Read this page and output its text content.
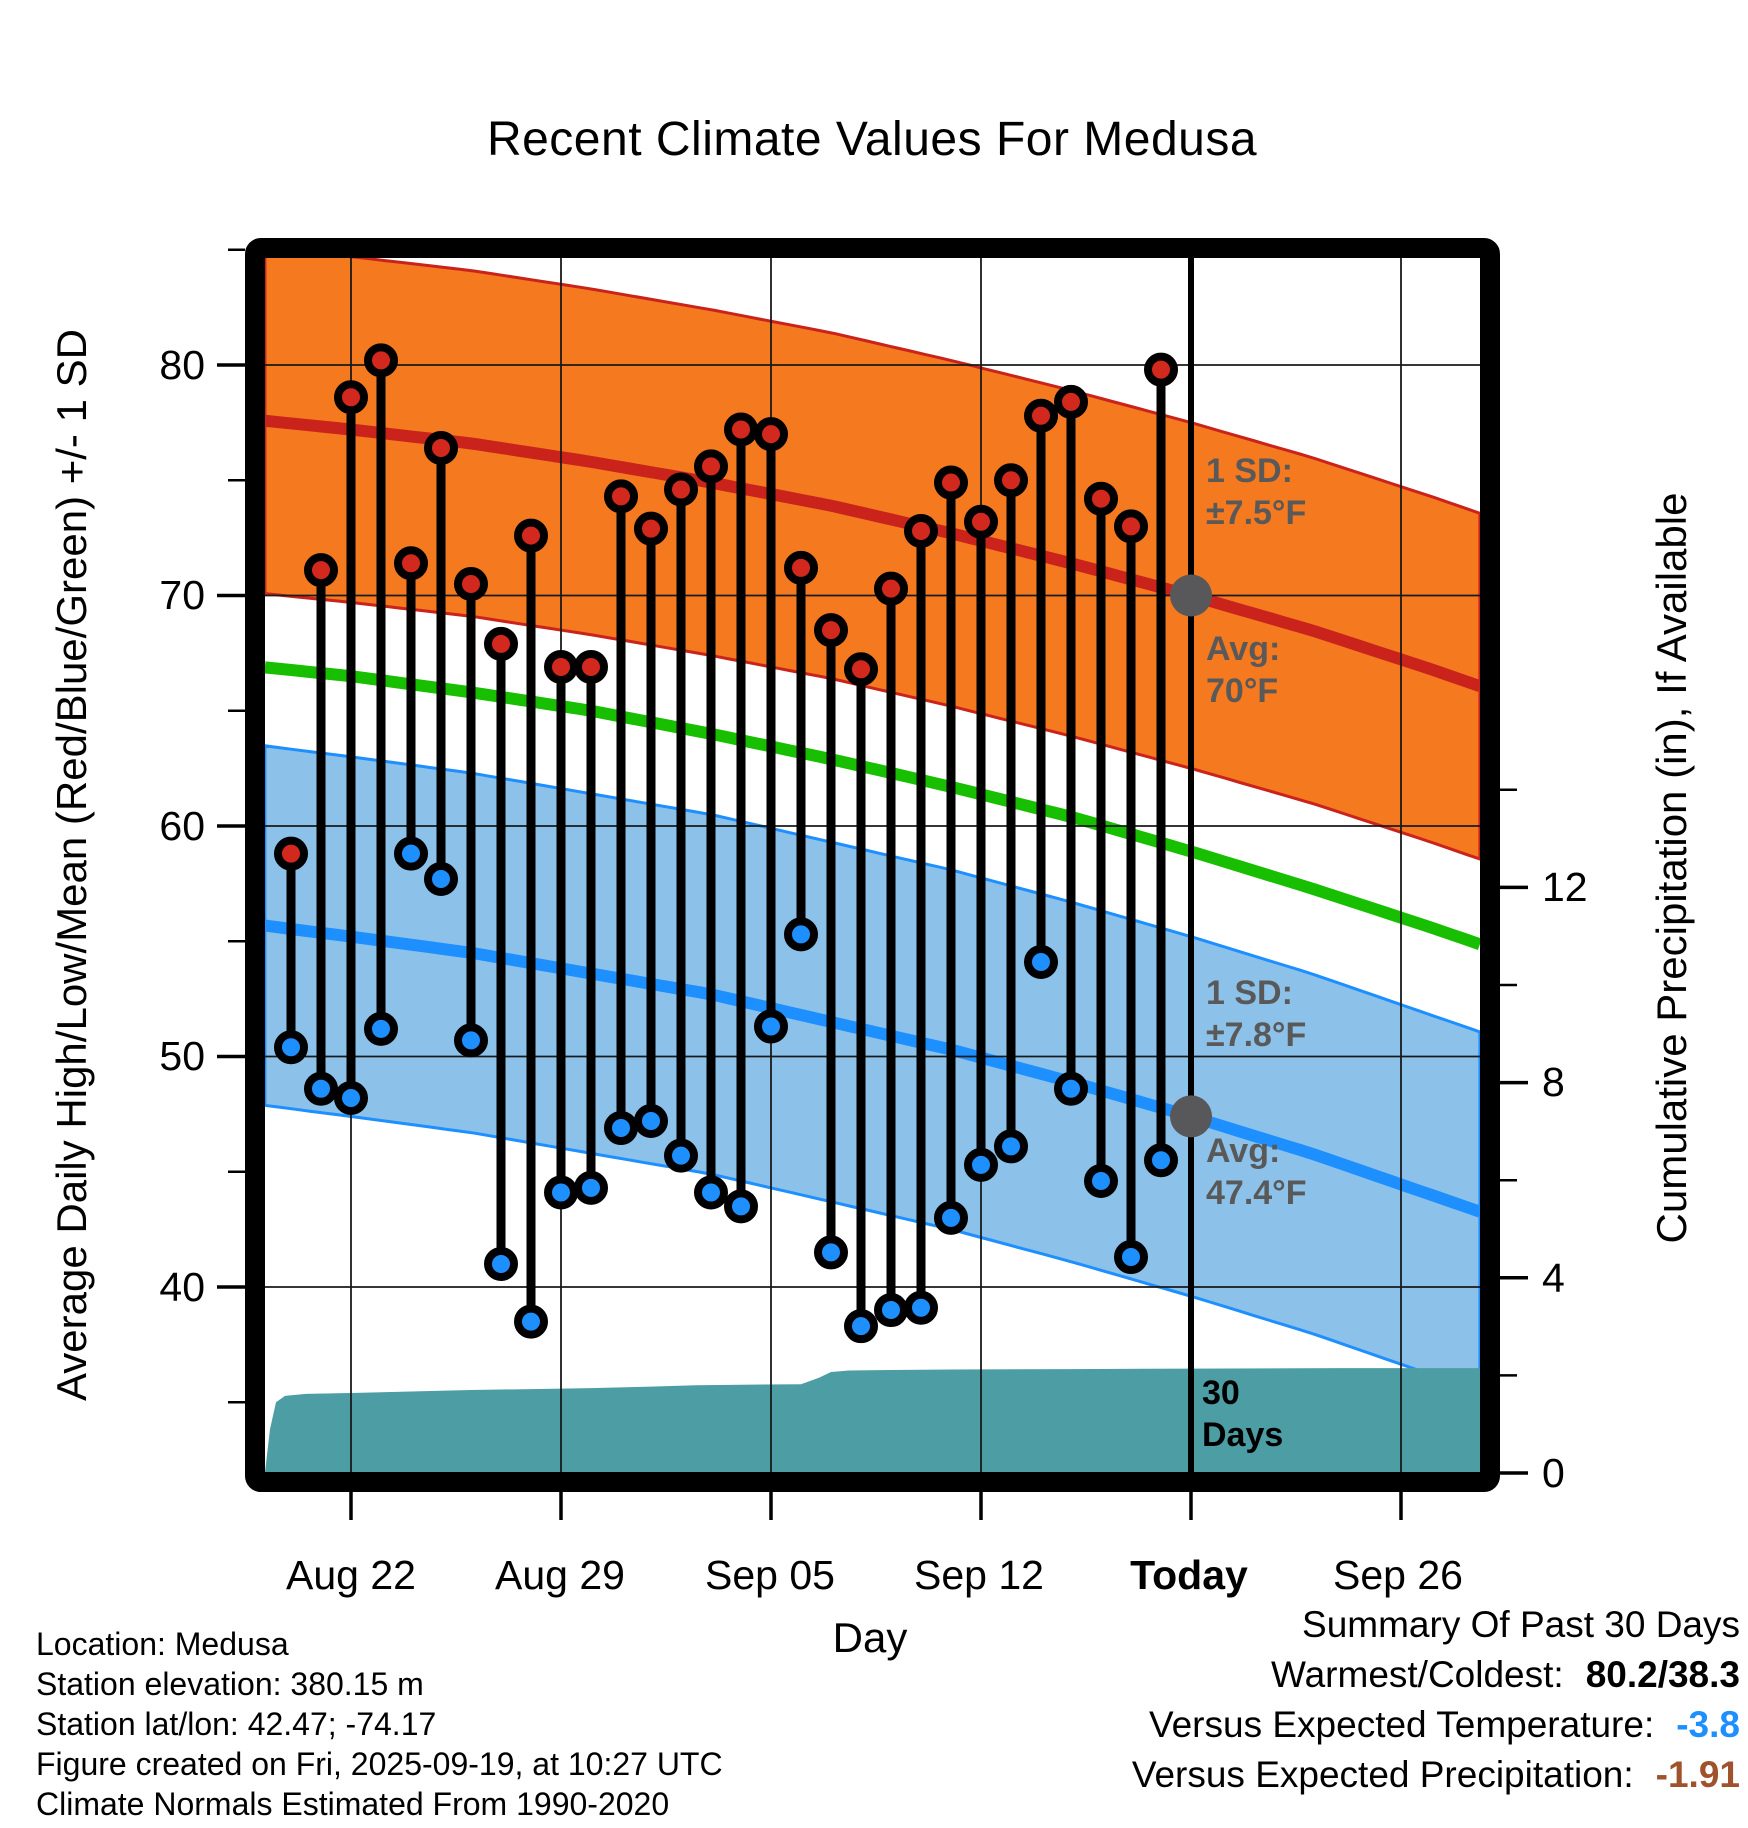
Recent Climate Values For Medusa
Average Daily High/Low/Mean (Red/Blue/Green) +/- 1 SD	Cumulative Precipitation (in), If Available
80
70
60
50
40
12
8
4
0
Aug 22	Aug 29	Sep 05	Sep 12	Today	Sep 26
Day
1 SD:
±7.5°F
Avg:
70°F
1 SD:
±7.8°F
Avg:
47.4°F
30
Days
Location: Medusa
Station elevation: 380.15 m
Station lat/lon: 42.47; -74.17
Figure created on Fri, 2025-09-19, at 10:27 UTC
Climate Normals Estimated From 1990-2020
Summary Of Past 30 Days
Warmest/Coldest: 80.2/38.3
Versus Expected Temperature: -3.8
Versus Expected Precipitation: -1.91
